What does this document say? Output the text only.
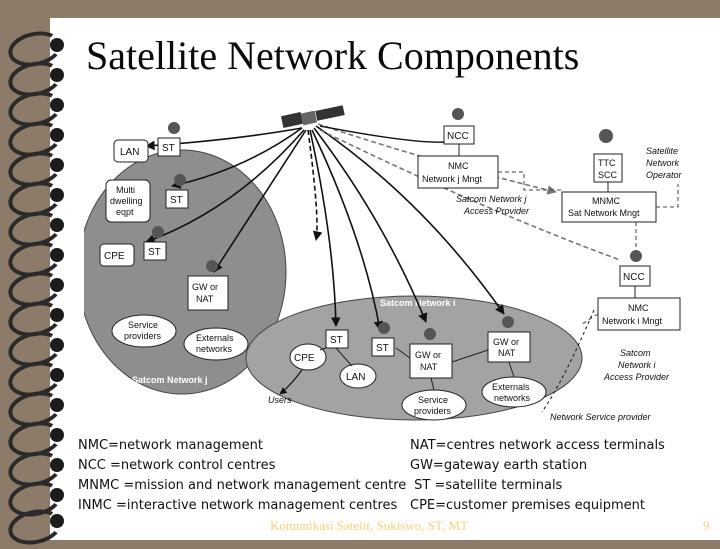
Satellite Network Components
Satcom Network j
Satcom Network i
LAN ST
Multi
dwelling
eqpt
ST
CPE ST
GW or
NAT
Service
providers	Externals
networks
ST
ST
CPE
LAN
GW or
NAT
GW or
NAT
Externals
networks
Service
providers
Users
Network Service provider
NCC
NMC
Network j Mngt
Satcom Network j
Access Provider
TTC
SCC
Satellite
Network
Operator
MNMC
Sat Network Mngt
NCC
NMC
Network i Mngt
Satcom
Network i
Access Provider
NMC=network management
NCC =network control centres
MNMC =mission and network management centre
INMC =interactive network management centres
NAT=centres network access terminals
GW=gateway earth station
ST =satellite terminals
CPE=customer premises equipment
Komunikasi Satelit, Sukiswo, ST, MT	9
